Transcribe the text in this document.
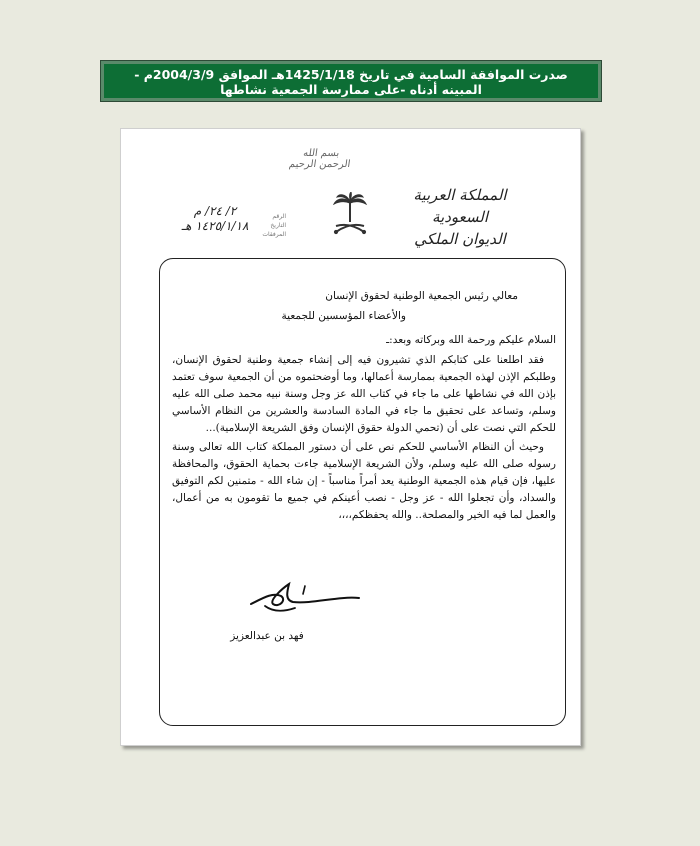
صدرت الموافقة السامية في تاريخ 1425/1/18هـ الموافق 2004/3/9م - المبينه أدناه -على ممارسة الجمعية نشاطها
بسم الله الرحمن الرحيم
المملكة العربية السعودية
الديوان الملكي
الرقم
التاريخ
المرفقات
٢/ ٢٤/ م
١٤٢٥/١/١٨ هـ
معالي رئيس الجمعية الوطنية لحقوق الإنسان
والأعضاء المؤسسين للجمعية
السلام عليكم ورحمة الله وبركاته وبعد:ـ

فقد اطلعنا على كتابكم الذي تشيرون فيه إلى إنشاء جمعية وطنية لحقوق الإنسان، وطلبكم الإذن لهذه الجمعية بممارسة أعمالها، وما أوضحتموه من أن الجمعية سوف تعتمد بإذن الله في نشاطها على ما جاء في كتاب الله عز وجل وسنة نبيه محمد صلى الله عليه وسلم، وتساعد على تحقيق ما جاء في المادة السادسة والعشرين من النظام الأساسي للحكم التي نصت على أن (تحمي الدولة حقوق الإنسان وفق الشريعة الإسلامية)...

وحيث أن النظام الأساسي للحكم نص على أن دستور المملكة كتاب الله تعالى وسنة رسوله صلى الله عليه وسلم، ولأن الشريعة الإسلامية جاءت بحماية الحقوق، والمحافظة عليها، فإن قيام هذه الجمعية الوطنية يعد أمراً مناسباً - إن شاء الله - متمنين لكم التوفيق والسداد، وأن تجعلوا الله - عز وجل - نصب أعينكم في جميع ما تقومون به من أعمال، والعمل لما فيه الخير والمصلحة.. والله يحفظكم،،،،

فهد بن عبدالعزيز
